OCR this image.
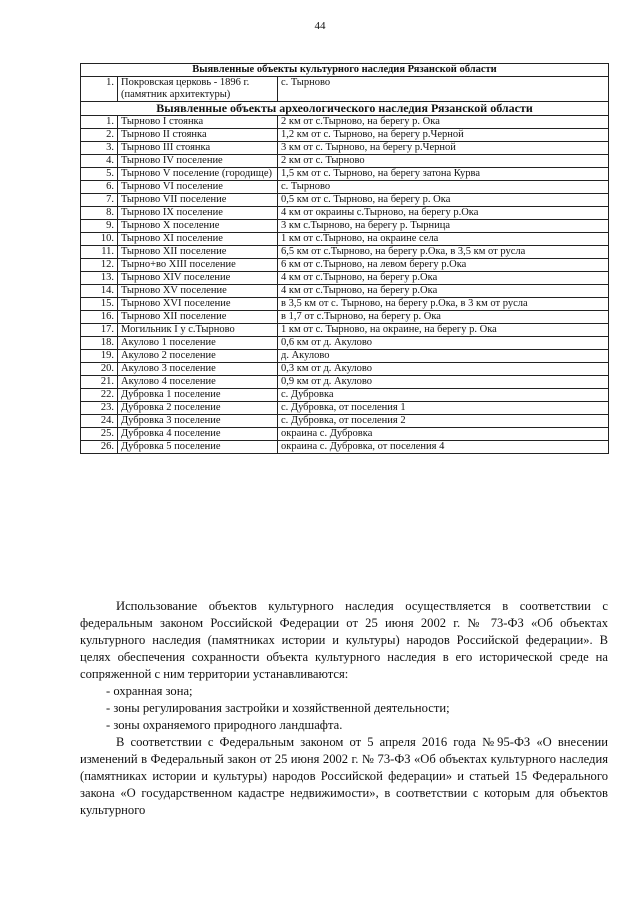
44
Выявленные объекты культурного наследия Рязанской области		
1.	Покровская церковь - 1896 г. (памятник архитектуры)	с. Тырново
Выявленные объекты археологического наследия Рязанской области		
1.	Тырново I стоянка	2 км от с.Тырново, на берегу р. Ока
2.	Тырново II стоянка	1,2 км от с. Тырново, на берегу р.Черной
3.	Тырново III стоянка	3 км от с. Тырново, на берегу р.Черной
4.	Тырново IV поселение	2 км от с. Тырново
5.	Тырново V поселение (городище)	1,5 км от с. Тырново, на берегу затона Курва
6.	Тырново VI поселение	с. Тырново
7.	Тырново VII поселение	0,5 км от с. Тырново, на берегу р. Ока
8.	Тырново IX поселение	4 км от окраины с.Тырново, на берегу р.Ока
9.	Тырново X поселение	3 км с.Тырново, на берегу р. Тырница
10.	Тырново XI поселение	1 км от с.Тырново, на окраине села
11.	Тырново XII поселение	6,5 км от с.Тырново, на берегу р.Ока, в 3,5 км от русла
12.	Тырно+во XIII поселение	6 км от с.Тырново, на левом берегу р.Ока
13.	Тырново XIV поселение	4 км от с.Тырново, на берегу р.Ока
14.	Тырново XV поселение	4 км от с.Тырново, на берегу р.Ока
15.	Тырново XVI поселение	в 3,5 км от с. Тырново, на берегу р.Ока, в 3 км от русла
16.	Тырново XII поселение	в 1,7 от с.Тырново, на берегу р. Ока
17.	Могильник I у с.Тырново	1 км от с. Тырново, на окраине, на берегу р. Ока
18.	Акулово 1 поселение	0,6 км от д. Акулово
19.	Акулово 2 поселение	д. Акулово
20.	Акулово 3 поселение	0,3 км от д. Акулово
21.	Акулово 4 поселение	0,9 км от д. Акулово
22.	Дубровка 1 поселение	с. Дубровка
23.	Дубровка 2 поселение	с. Дубровка, от поселения 1
24.	Дубровка 3 поселение	с. Дубровка, от поселения 2
25.	Дубровка 4 поселение	окраина с. Дубровка
26.	Дубровка 5 поселение	окраина с. Дубровка, от поселения 4

Использование объектов культурного наследия осуществляется в соответствии с федеральным законом Российской Федерации от 25 июня 2002 г. № 73-ФЗ «Об объектах культурного наследия (памятниках истории и культуры) народов Российской федерации». В целях обеспечения сохранности объекта культурного наследия в его исторической среде на сопряженной с ним территории устанавливаются:

- охранная зона;

- зоны регулирования застройки и хозяйственной деятельности;

- зоны охраняемого природного ландшафта.

В соответствии с Федеральным законом от 5 апреля 2016 года №95-ФЗ «О внесении изменений в Федеральный закон от 25 июня 2002 г. № 73-ФЗ «Об объектах культурного наследия (памятниках истории и культуры) народов Российской федерации» и статьей 15 Федерального закона «О государственном кадастре недвижимости», в соответствии с которым для объектов культурного
